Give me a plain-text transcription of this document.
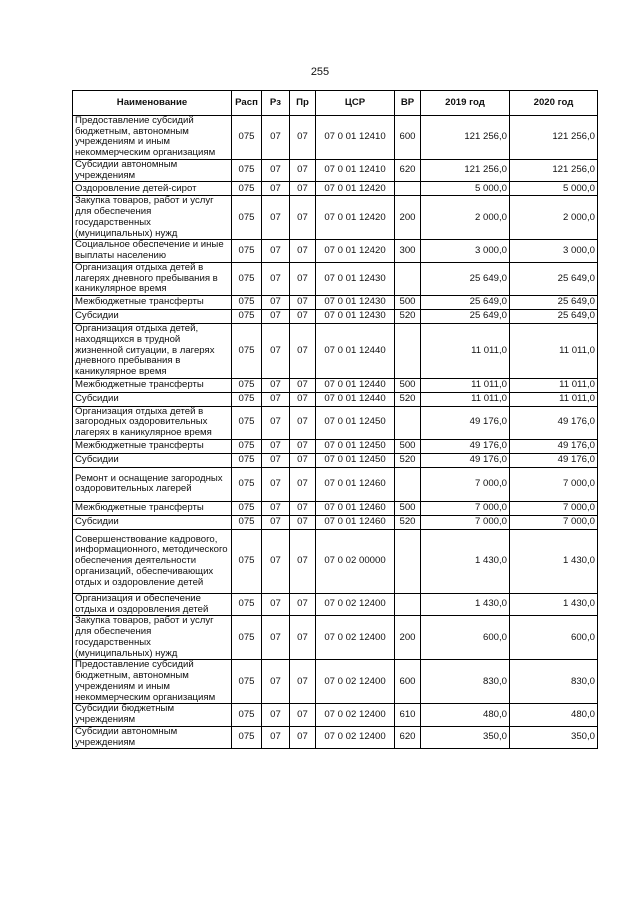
255
Наименование	Расп	Рз	Пр	ЦСР	ВР	2019 год	2020 год
Предоставление субсидий бюджетным, автономным учреждениям и иным некоммерческим организациям	075	07	07	07 0 01 12410	600	121 256,0	121 256,0
Субсидии автономным учреждениям	075	07	07	07 0 01 12410	620	121 256,0	121 256,0
Оздоровление детей-сирот	075	07	07	07 0 01 12420		5 000,0	5 000,0
Закупка товаров, работ и услуг для обеспечения государственных (муниципальных) нужд	075	07	07	07 0 01 12420	200	2 000,0	2 000,0
Социальное обеспечение и иные выплаты населению	075	07	07	07 0 01 12420	300	3 000,0	3 000,0
Организация отдыха детей в лагерях дневного пребывания в каникулярное время	075	07	07	07 0 01 12430		25 649,0	25 649,0
Межбюджетные трансферты	075	07	07	07 0 01 12430	500	25 649,0	25 649,0
Субсидии	075	07	07	07 0 01 12430	520	25 649,0	25 649,0
Организация отдыха детей, находящихся в трудной жизненной ситуации, в лагерях дневного пребывания в каникулярное время	075	07	07	07 0 01 12440		11 011,0	11 011,0
Межбюджетные трансферты	075	07	07	07 0 01 12440	500	11 011,0	11 011,0
Субсидии	075	07	07	07 0 01 12440	520	11 011,0	11 011,0
Организация отдыха детей в загородных оздоровительных лагерях в каникулярное время	075	07	07	07 0 01 12450		49 176,0	49 176,0
Межбюджетные трансферты	075	07	07	07 0 01 12450	500	49 176,0	49 176,0
Субсидии	075	07	07	07 0 01 12450	520	49 176,0	49 176,0
Ремонт и оснащение загородных оздоровительных лагерей	075	07	07	07 0 01 12460		7 000,0	7 000,0
Межбюджетные трансферты	075	07	07	07 0 01 12460	500	7 000,0	7 000,0
Субсидии	075	07	07	07 0 01 12460	520	7 000,0	7 000,0
Совершенствование кадрового, информационного, методического обеспечения деятельности организаций, обеспечивающих отдых и оздоровление детей	075	07	07	07 0 02 00000		1 430,0	1 430,0
Организация и обеспечение отдыха и оздоровления детей	075	07	07	07 0 02 12400		1 430,0	1 430,0
Закупка товаров, работ и услуг для обеспечения государственных (муниципальных) нужд	075	07	07	07 0 02 12400	200	600,0	600,0
Предоставление субсидий бюджетным, автономным учреждениям и иным некоммерческим организациям	075	07	07	07 0 02 12400	600	830,0	830,0
Субсидии бюджетным учреждениям	075	07	07	07 0 02 12400	610	480,0	480,0
Субсидии автономным учреждениям	075	07	07	07 0 02 12400	620	350,0	350,0
